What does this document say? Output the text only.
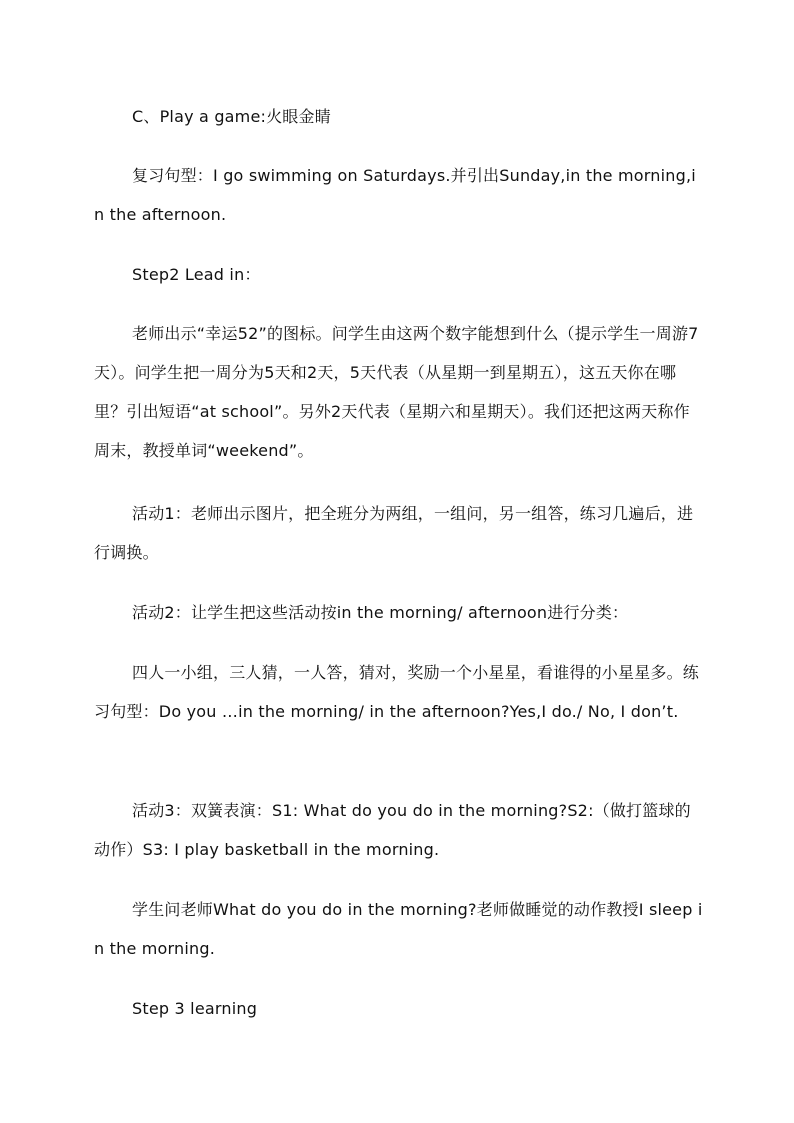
C、Play a game:火眼金睛

复习句型：I go swimming on Saturdays.并引出Sunday,in the morning,in the afternoon.

Step2 Lead in：

老师出示“幸运52”的图标。问学生由这两个数字能想到什么（提示学生一周游7天）。问学生把一周分为5天和2天，5天代表（从星期一到星期五），这五天你在哪里？引出短语“at school”。另外2天代表（星期六和星期天）。我们还把这两天称作周末，教授单词“weekend”。

活动1：老师出示图片，把全班分为两组，一组问，另一组答，练习几遍后，进行调换。

活动2：让学生把这些活动按in the morning/ afternoon进行分类：

四人一小组，三人猜，一人答，猜对，奖励一个小星星，看谁得的小星星多。练习句型：Do you …in the morning/ in the afternoon?Yes,I do./ No, I don’t.

活动3：双簧表演：S1: What do you do in the morning?S2:（做打篮球的动作）S3: I play basketball in the morning.

学生问老师What do you do in the morning?老师做睡觉的动作教授I sleep in the morning.

Step 3 learning
